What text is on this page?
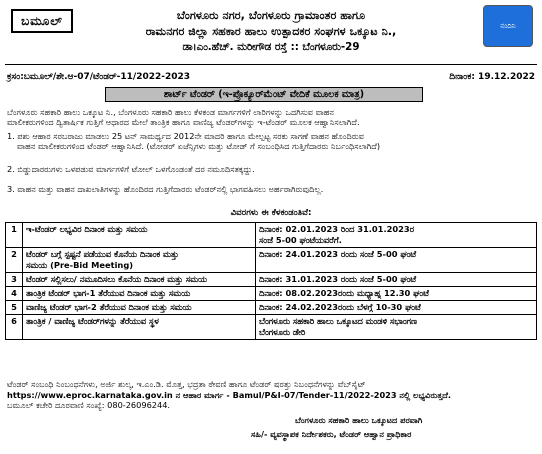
ಬಮೂಲ್	ನಂದಿನಿ
ಬೆಂಗಳೂರು ನಗರ, ಬೆಂಗಳೂರು ಗ್ರಾಮಾಂತರ ಹಾಗೂ
ರಾಮನಗರ ಜಿಲ್ಲಾ ಸಹಕಾರ ಹಾಲು ಉತ್ಪಾದಕರ ಸಂಘಗಳ ಒಕ್ಕೂಟ ನಿ.,
ಡಾ।ಎಂ.ಹೆಚ್. ಮರೀಗೌಡ ರಸ್ತೆ :: ಬೆಂಗಳೂರು-29
ಕ್ರಸಂ:ಬಮೂಲ್/ಶೇ.ಆ-07/ಟೆಂಡರ್-11/2022-2023	ದಿನಾಂಕ: 19.12.2022
ಶಾರ್ಟ್ ಟೆಂಡರ್ (ಇ-ಪ್ರೊಕ್ಯೂರ್‌ಮೆಂಟ್ ವೇದಿಕೆ ಮೂಲಕ ಮಾತ್ರ)
ಬೆಂಗಳೂರು ಸಹಕಾರಿ ಹಾಲು ಒಕ್ಕೂಟ ನಿ., ಬೆಂಗಳೂರು ಸಹಕಾರಿ ಹಾಲು ಕೆಳಕಂಡ ಮಾರ್ಗಗಳಿಗೆ ಲಾರಿಗಳನ್ನು ಒದಗಿಸುವ ವಾಹನ
ಮಾಲೀಕರುಗಳಿಂದ ದ್ವಿತಾರ್ಷಿಕ ಗುತ್ತಿಗೆ ಆಧಾರದ ಮೇಲೆ ತಾಂತ್ರಿಕ ಹಾಗೂ ವಾಣಿಜ್ಯ ಟೆಂಡರ್‌ಗಳನ್ನು ಇ-ಟೆಂಡರ್ ಮೂಲಕ ಆಹ್ವಾನಿಸಲಾಗಿದೆ.
1. ಪಶು ಆಹಾರ ಸರಬರಾಜು ಮಾಡಲು 25 ಟನ್ ಸಾಮರ್ಥ್ಯದ 2012ನೇ ಮಾದರಿ ಹಾಗೂ ಮೇಲ್ಪಟ್ಟ ಸರಕು ಸಾಗಣೆ ವಾಹನ ಹೊಂದಿರುವ
ವಾಹನ ಮಾಲೀಕರುಗಳಿಂದ ಟೆಂಡರ್ ಆಹ್ವಾನಿಸಿದೆ. (ಟೋಡರ್ ಏಜೆನ್ಸಿಗಳು ಮತ್ತು ಟೋಡ್ ಗೆ ಸಂಬಂಧಿಸಿದ ಗುತ್ತಿಗೆದಾರರು ನಿರ್ಬಂಧಿಸಲಾಗಿದೆ)
2. ಬಿಡ್ಡುದಾರರುಗಳು ಒಳಪಡುವ ಮಾರ್ಗಗಳಿಗೆ ಟೋಲ್ ಒಳಗೊಂಡಂತೆ ದರ ನಮೂದಿಸತಕ್ಕದ್ದು.
3. ವಾಹನ ಮತ್ತು ವಾಹನ ದಾಖಲಾತಿಗಳನ್ನು ಹೊಂದಿರದ ಗುತ್ತಿಗೆದಾರರು ಟೆಂಡರ್‌ನಲ್ಲಿ ಭಾಗವಹಿಸಲು ಅರ್ಹರಾಗಿರುವುದಿಲ್ಲ.
ವಿವರಗಳು ಈ ಕೆಳಕಂಡಂತಿವೆ:
1	ಇ-ಟೆಂಡರ್ ಲಭ್ಯವಿರ ದಿನಾಂಕ ಮತ್ತು ಸಮಯ	ದಿನಾಂಕ: 02.01.2023 ರಿಂದ 31.01.2023ರ
ಸಂಜೆ 5-00 ಘಂಟೆಯವರೆಗೆ.

2	ಟೆಂಡರ್ ಬಗ್ಗೆ ಸ್ಪಷ್ಟನೆ ಪಡೆಯುವ ಕೊನೆಯ ದಿನಾಂಕ ಮತ್ತು
ಸಮಯ (Pre-Bid Meeting)	ದಿನಾಂಕ: 24.01.2023 ರಂದು ಸಂಜೆ 5-00 ಘಂಟೆ

3	ಟೆಂಡರ್ ಸಲ್ಲಿಸಲು/ ನಮೂದಿಸಲು ಕೊನೆಯ ದಿನಾಂಕ ಮತ್ತು ಸಮಯ	ದಿನಾಂಕ: 31.01.2023 ರಂದು ಸಂಜೆ 5-00 ಘಂಟೆ

4	ತಾಂತ್ರಿಕ ಟೆಂಡರ್ ಭಾಗ-1 ತೆರೆಯುವ ದಿನಾಂಕ ಮತ್ತು ಸಮಯ	ದಿನಾಂಕ: 08.02.2023ರಂದು ಮಧ್ಯಾಹ್ನ 12.30 ಘಂಟೆ

5	ವಾಣಿಜ್ಯ ಟೆಂಡರ್ ಭಾಗ-2 ತೆರೆಯುವ ದಿನಾಂಕ ಮತ್ತು ಸಮಯ	ದಿನಾಂಕ: 24.02.2023ರಂದು ಬೆಳಗ್ಗೆ 10-30 ಘಂಟೆ

6	ತಾಂತ್ರಿಕ / ವಾಣಿಜ್ಯ ಟೆಂಡರ್‌ಗಳನ್ನು ತೆರೆಯುವ ಸ್ಥಳ	ಬೆಂಗಳೂರು ಸಹಕಾರಿ ಹಾಲು ಒಕ್ಕೂಟದ ಮಂಡಳಿ ಸಭಾಂಗಣ
ಬೆಂಗಳೂರು ಡೇರಿ
ಟೆಂಡರ್ ಸಂಬಂಧಿ ನಿಂಬಂಧನೆಗಳು, ಅರ್ಜಿ ಶುಲ್ಕ, ಇ.ಎಂ.ಡಿ. ಮೊತ್ತ, ಭದ್ರತಾ ಠೇವಣಿ ಹಾಗೂ ಟೆಂಡರ್ ಷರತ್ತು ನಿಬಂಧನೆಗಳನ್ನು ವೆಬ್‌ಸೈಟ್
https://www.eproc.karnataka.gov.in ನ ಆಹಾರ ಮಾರ್ಗ - Bamul/P&I-07/Tender-11/2022-2023 ನಲ್ಲಿ ಲಭ್ಯವಿರುತ್ತದೆ.
ಬಮೂಲ್ ಕಚೇರಿ ದೂರವಾಣಿ ಸಂಖ್ಯೆ: 080-26096244.
ಬೆಂಗಳೂರು ಸಹಕಾರಿ ಹಾಲು ಒಕ್ಕೂಟದ ಪರವಾಗಿ
ಸಹಿ/- ವ್ಯವಸ್ಥಾಪಕ ನಿರ್ದೇಶಕರು, ಟೆಂಡರ್ ಆಹ್ವಾನ ಪ್ರಾಧಿಕಾರ
